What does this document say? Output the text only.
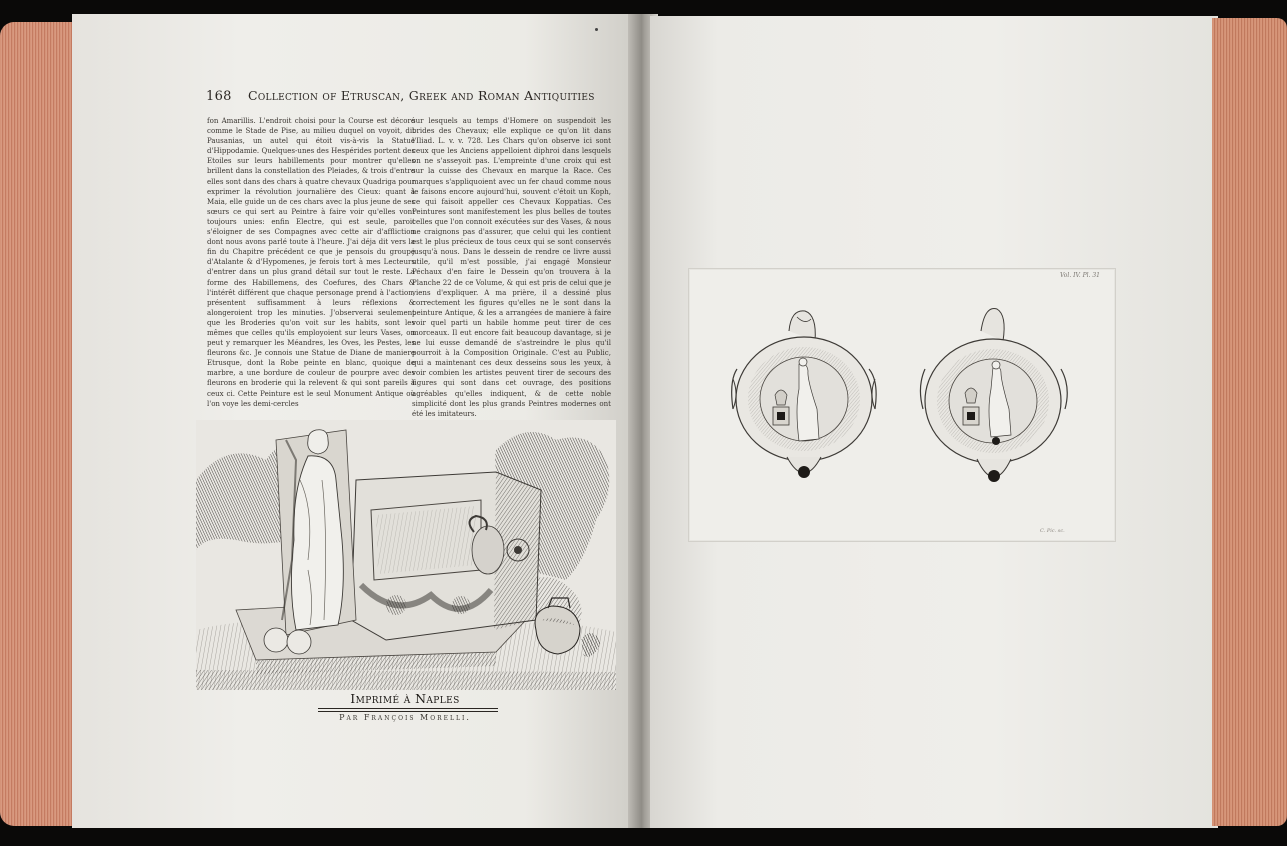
168 Collection of Etruscan, Greek and Roman Antiquities
fon Amarillis. L'endroit choisi pour la Course est décoré comme le Stade de Pise, au milieu duquel on voyoit, dit Pausanias, un autel qui étoit vis-à-vis la Statue d'Hippodamie. Quelques-unes des Hespérides portent des Etoiles sur leurs habillements pour montrer qu'elles brillent dans la constellation des Pleiades, & trois d'entre elles sont dans des chars à quatre chevaux Quadriga pour exprimer la révolution journalière des Cieux: quant à Maia, elle guide un de ces chars avec la plus jeune de ses sœurs ce qui sert au Peintre à faire voir qu'elles vont toujours unies: enfin Electre, qui est seule, paroit s'éloigner de ses Compagnes avec cette air d'affliction dont nous avons parlé toute à l'heure. J'ai déja dit vers la fin du Chapitre précédent ce que je pensois du groupe d'Atalante & d'Hypomenes, je ferois tort à mes Lecteurs d'entrer dans un plus grand détail sur tout le reste. La forme des Habillemens, des Coefures, des Chars & l'intérêt différent que chaque personage prend à l'action, présentent suffisamment à leurs réflexions & alongeroient trop les minuties. J'observerai seulement que les Broderies qu'on voit sur les habits, sont les mêmes que celles qu'ils employoient sur leurs Vases, on peut y remarquer les Méandres, les Oves, les Pestes, les fleurons &c. Je connois une Statue de Diane de maniere Etrusque, dont la Robe peinte en blanc, quoique de marbre, a une bordure de couleur de pourpre avec des fleurons en broderie qui la relevent & qui sont pareils à ceux ci. Cette Peinture est le seul Monument Antique où l'on voye les demi-cercles
sur lesquels au temps d'Homere on suspendoit les brides des Chevaux; elle explique ce qu'on lit dans l'Iliad. L. v. v. 728. Les Chars qu'on observe ici sont ceux que les Anciens appelloient diphroi dans lesquels on ne s'asseyoit pas. L'empreinte d'une croix qui est sur la cuisse des Chevaux en marque la Race. Ces marques s'appliquoient avec un fer chaud comme nous le faisons encore aujourd'hui, souvent c'étoit un Koph, ce qui faisoit appeller ces Chevaux Koppatias. Ces Peintures sont manifestement les plus belles de toutes celles que l'on connoit exécutées sur des Vases, & nous ne craignons pas d'assurer, que celui qui les contient est le plus précieux de tous ceux qui se sont conservés jusqu'à nous. Dans le dessein de rendre ce livre aussi utile, qu'il m'est possible, j'ai engagé Monsieur Péchaux d'en faire le Dessein qu'on trouvera à la Planche 22 de ce Volume, & qui est pris de celui que je viens d'expliquer. A ma prière, il a dessiné plus correctement les figures qu'elles ne le sont dans la peinture Antique, & les a arrangées de maniere à faire voir quel parti un habile homme peut tirer de ces morceaux. Il eut encore fait beaucoup davantage, si je ne lui eusse demandé de s'astreindre le plus qu'il pourroit à la Composition Originale. C'est au Public, qui a maintenant ces deux desseins sous les yeux, à voir combien les artistes peuvent tirer de secours des figures qui sont dans cet ouvrage, des positions agréables qu'elles indiquent, & de cette noble simplicité dont les plus grands Peintres modernes ont été les imitateurs.
Imprimé à Naples
Par François Morelli.
Vol. IV. Pl. 31
C. Pic. sc.
